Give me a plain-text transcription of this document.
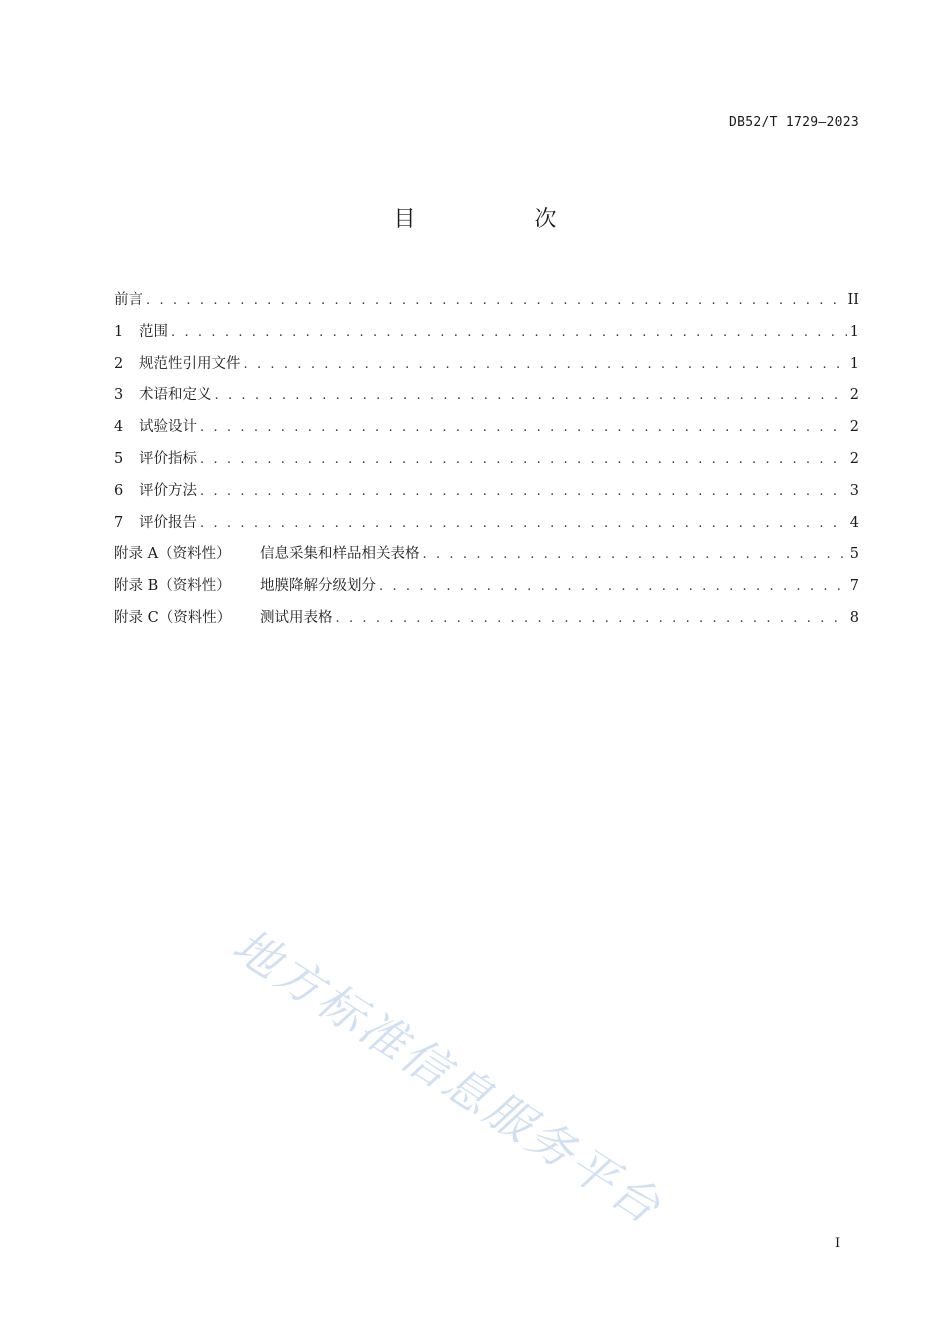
DB52/T 1729—2023
目 次
前言 . . .	II
1	范围 . . .	1
2	规范性引用文件 . . .	1
3	术语和定义 . . .	2
4	试验设计 . . .	2
5	评价指标 . . .	2
6	评价方法 . . .	3
7	评价报告 . . .	4
附录 A（资料性）	信息采集和样品相关表格 . . .	5
附录 B（资料性）	地膜降解分级划分 . . .	7
附录 C（资料性）	测试用表格 . . .	8
地方标准信息服务平台
I
